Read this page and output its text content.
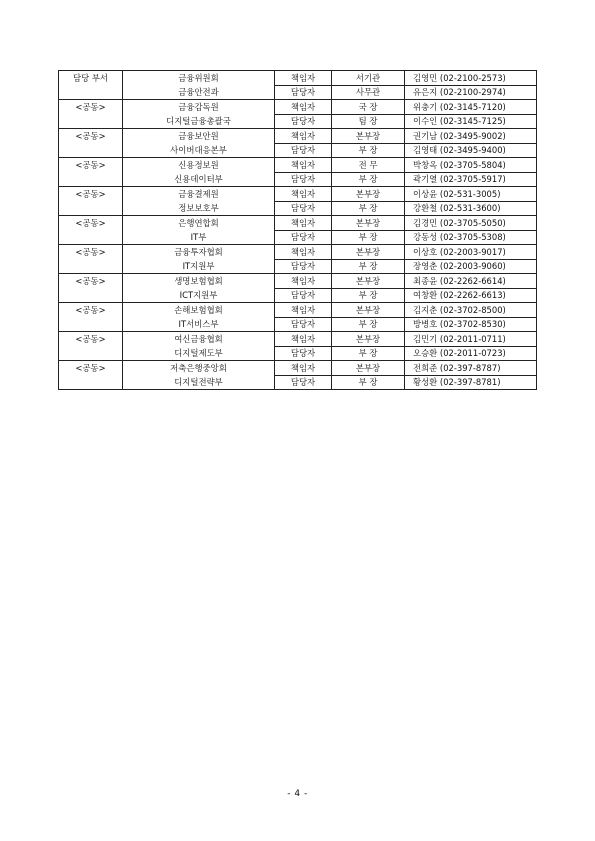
담당 부서	금융위원회	책임자	서기관	김영민 (02-2100-2573)
	금융안전과	담당자	사무관	유은지 (02-2100-2974)
<공동>	금융감독원	책임자	국 장	위충기 (02-3145-7120)
	디지털금융총괄국	담당자	팀 장	이수인 (02-3145-7125)
<공동>	금융보안원	책임자	본부장	권기남 (02-3495-9002)
	사이버대응본부	담당자	부 장	김영태 (02-3495-9400)
<공동>	신용정보원	책임자	전 무	박창옥 (02-3705-5804)
	신용데이터부	담당자	부 장	곽기열 (02-3705-5917)
<공동>	금융결제원	책임자	본부장	이상윤 (02-531-3005)
	정보보호부	담당자	부 장	강환철 (02-531-3600)
<공동>	은행연합회	책임자	본부장	김경민 (02-3705-5050)
	IT부	담당자	부 장	강동성 (02-3705-5308)
<공동>	금융투자협회	책임자	본부장	이상호 (02-2003-9017)
	IT지원부	담당자	부 장	장영춘 (02-2003-9060)
<공동>	생명보험협회	책임자	본부장	최종윤 (02-2262-6614)
	ICT지원부	담당자	부 장	여창환 (02-2262-6613)
<공동>	손해보험협회	책임자	본부장	김지춘 (02-3702-8500)
	IT서비스부	담당자	부 장	방병호 (02-3702-8530)
<공동>	여신금융협회	책임자	본부장	김민기 (02-2011-0711)
	디지털제도부	담당자	부 장	오승환 (02-2011-0723)
<공동>	저축은행중앙회	책임자	본부장	전희준 (02-397-8787)
	디지털전략부	담당자	부 장	황성환 (02-397-8781)
- 4 -
